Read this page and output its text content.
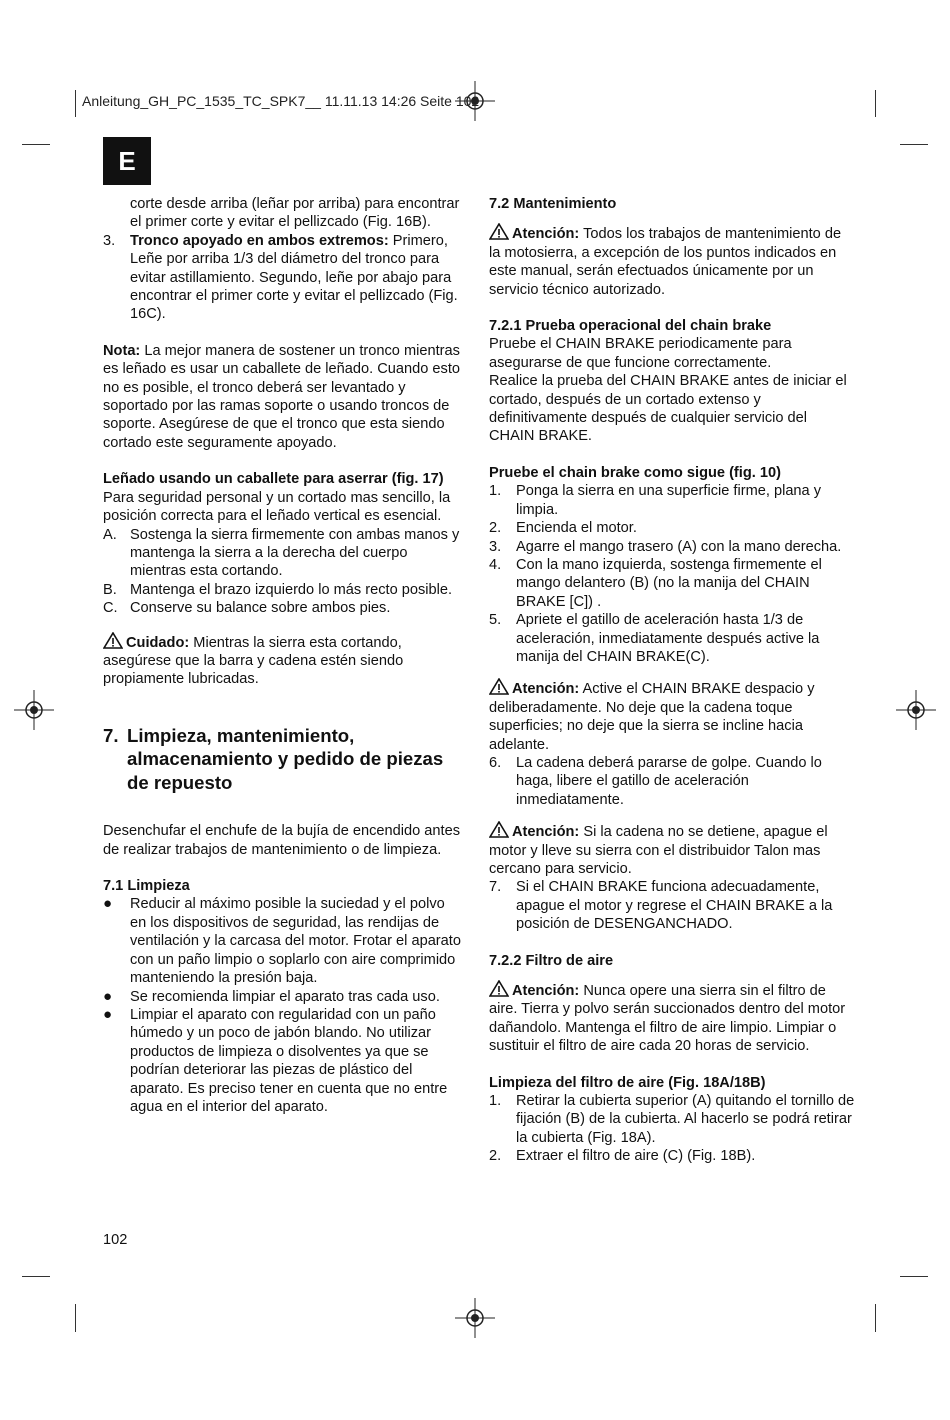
Anleitung_GH_PC_1535_TC_SPK7__ 11.11.13 14:26 Seite 102
E

corte desde arriba (leñar por arriba) para encontrar el primer corte y evitar el pellizcado (Fig. 16B).

3.	Tronco apoyado en ambos extremos: Primero, Leñe por arriba 1/3 del diámetro del tronco para evitar astillamiento. Segundo, leñe por abajo para encontrar el primer corte y evitar el pellizcado (Fig. 16C).

Nota: La mejor manera de sostener un tronco mientras es leñado es usar un caballete de leñado. Cuando esto no es posible, el tronco deberá ser levantado y soportado por las ramas soporte o usando troncos de soporte. Asegúrese de que el tronco que esta siendo cortado este seguramente apoyado.

Leñado usando un caballete para aserrar (fig. 17)

Para seguridad personal y un cortado mas sencillo, la posición correcta para el leñado vertical es esencial.

A. Sostenga la sierra firmemente con ambas manos y mantenga la sierra a la derecha del cuerpo mientras esta cortando.

B. Mantenga el brazo izquierdo lo más recto posible.

C. Conserve su balance sobre ambos pies.

Cuidado: Mientras la sierra esta cortando, asegúrese que la barra y cadena estén siendo propiamente lubricadas.

7. Limpieza, mantenimiento, almacenamiento y pedido de piezas de repuesto

Desenchufar el enchufe de la bujía de encendido antes de realizar trabajos de mantenimiento o de limpieza.

7.1 Limpieza

●	Reducir al máximo posible la suciedad y el polvo en los dispositivos de seguridad, las rendijas de ventilación y la carcasa del motor. Frotar el aparato con un paño limpio o soplarlo con aire comprimido manteniendo la presión baja.

●	Se recomienda limpiar el aparato tras cada uso.

●	Limpiar el aparato con regularidad con un paño húmedo y un poco de jabón blando. No utilizar productos de limpieza o disolventes ya que se podrían deteriorar las piezas de plástico del aparato. Es preciso tener en cuenta que no entre agua en el interior del aparato.

7.2 Mantenimiento

Atención: Todos los trabajos de mantenimiento de la motosierra, a excepción de los puntos indicados en este manual, serán efectuados únicamente por un servicio técnico autorizado.

7.2.1 Prueba operacional del chain brake

Pruebe el CHAIN BRAKE periodicamente para asegurarse de que funcione correctamente.

Realice la prueba del CHAIN BRAKE antes de iniciar el cortado, después de un cortado extenso y definitivamente después de cualquier servicio del CHAIN BRAKE.

Pruebe el chain brake como sigue (fig. 10)

1.	Ponga la sierra en una superficie firme, plana y limpia.

2.	Encienda el motor.

3.	Agarre el mango trasero (A) con la mano derecha.

4.	Con la mano izquierda, sostenga firmemente el mango delantero (B) (no la manija del CHAIN BRAKE [C]) .

5.	Apriete el gatillo de aceleración hasta 1/3 de aceleración, inmediatamente después active la manija del CHAIN BRAKE(C).

Atención: Active el CHAIN BRAKE despacio y deliberadamente. No deje que la cadena toque superficies; no deje que la sierra se incline hacia adelante.

6.	La cadena deberá pararse de golpe. Cuando lo haga, libere el gatillo de aceleración inmediatamente.

Atención: Si la cadena no se detiene, apague el motor y lleve su sierra con el distribuidor Talon mas cercano para servicio.

7.	Si el CHAIN BRAKE funciona adecuadamente, apague el motor y regrese el CHAIN BRAKE a la posición de DESENGANCHADO.

7.2.2 Filtro de aire

Atención: Nunca opere una sierra sin el filtro de aire. Tierra y polvo serán succionados dentro del motor dañandolo. Mantenga el filtro de aire limpio. Limpiar o sustituir el filtro de aire cada 20 horas de servicio.

Limpieza del filtro de aire (Fig. 18A/18B)

1.	Retirar la cubierta superior (A) quitando el tornillo de fijación (B) de la cubierta. Al hacerlo se podrá retirar la cubierta (Fig. 18A).

2.	Extraer el filtro de aire (C) (Fig. 18B).

102
